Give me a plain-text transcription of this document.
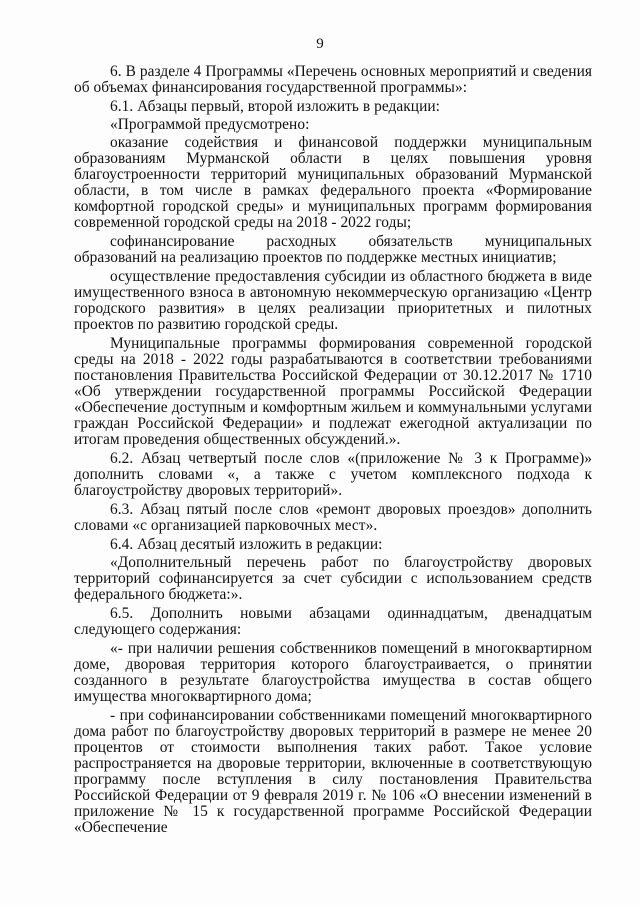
9

6. В разделе 4 Программы «Перечень основных мероприятий и сведения об объемах финансирования государственной программы»:

6.1. Абзацы первый, второй изложить в редакции:

«Программой предусмотрено:

оказание содействия и финансовой поддержки муниципальным образованиям Мурманской области в целях повышения уровня благоустроенности территорий муниципальных образований Мурманской области, в том числе в рамках федерального проекта «Формирование комфортной городской среды» и муниципальных программ формирования современной городской среды на 2018 - 2022 годы;

софинансирование расходных обязательств муниципальных образований на реализацию проектов по поддержке местных инициатив;

осуществление предоставления субсидии из областного бюджета в виде имущественного взноса в автономную некоммерческую организацию «Центр городского развития» в целях реализации приоритетных и пилотных проектов по развитию городской среды.

Муниципальные программы формирования современной городской среды на 2018 - 2022 годы разрабатываются в соответствии требованиями постановления Правительства Российской Федерации от 30.12.2017 № 1710 «Об утверждении государственной программы Российской Федерации «Обеспечение доступным и комфортным жильем и коммунальными услугами граждан Российской Федерации» и подлежат ежегодной актуализации по итогам проведения общественных обсуждений.».

6.2. Абзац четвертый после слов «(приложение № 3 к Программе)» дополнить словами «, а также с учетом комплексного подхода к благоустройству дворовых территорий».

6.3. Абзац пятый после слов «ремонт дворовых проездов» дополнить словами «с организацией парковочных мест».

6.4. Абзац десятый изложить в редакции:

«Дополнительный перечень работ по благоустройству дворовых территорий софинансируется за счет субсидии с использованием средств федерального бюджета:».

6.5. Дополнить новыми абзацами одиннадцатым, двенадцатым следующего содержания:

«- при наличии решения собственников помещений в многоквартирном доме, дворовая территория которого благоустраивается, о принятии созданного в результате благоустройства имущества в состав общего имущества многоквартирного дома;

- при софинансировании собственниками помещений многоквартирного дома работ по благоустройству дворовых территорий в размере не менее 20 процентов от стоимости выполнения таких работ. Такое условие распространяется на дворовые территории, включенные в соответствующую программу после вступления в силу постановления Правительства Российской Федерации от 9 февраля 2019 г. № 106 «О внесении изменений в приложение № 15 к государственной программе Российской Федерации «Обеспечение
